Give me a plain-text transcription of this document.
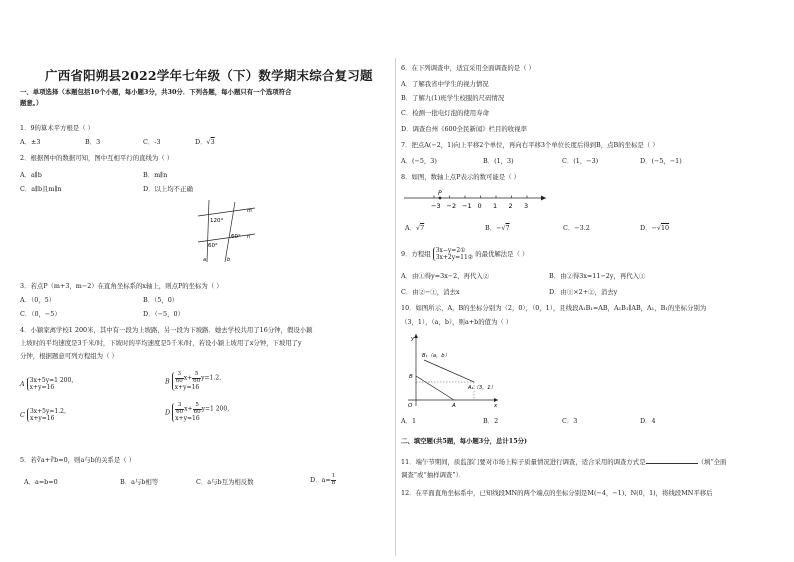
广西省阳朔县2022学年七年级（下）数学期末综合复习题
一、单项选择（本题包括10个小题，每小题3分，共30分．下列各题，每小题只有一个选项符合
题意。）
1．9的算术平方根是（ ）
A．±3	B．3	C．-3	D．√3
2．根据图中的数据可知，图中互相平行的直线为（ ）
A．a∥b	B．m∥n
C．a∥b且m∥n	D．以上均不正确
120°
60°
60°
m
n
a	b
3．若点P（m+3，m−2）在直角坐标系的x轴上，则点P的坐标为（ ）
A．（0，5）	B．（5，0）
C．（0，−5）	D．（−5，0）
4．小颖家离学校1 200米，其中有一段为上坡路，另一段为下坡路．她去学校共用了16分钟，假设小颖
上坡时的平均速度是3千米/时，下坡时的平均速度是5千米/时，若设小颖上坡用了x分钟，下坡用了y
分钟，根据题意可列方程组为（ ）
A 3x+5y=1 200，
x+y=16
B $\frac{3}{60} x+ \frac{5}{60} y=1.2$，
x+y=16
C 3x+5y=1.2，
x+y=16
D $\frac{3}{60} x+ \frac{5}{60} y=1$ 200，
x+y=16
5．若∛a+∛b=0，则a与b的关系是（ ）
A．a=b=0	B．a与b相等	C．a与b互为相反数	D．$a= \frac{1}{b}$
6．在下列调查中，适宜采用全面调查的是（ ）
A．了解我省中学生的视力情况
B．了解九(1)班学生校服的尺码情况
C．检测一批电灯泡的使用寿命
D．调查台州《600全民新闻》栏目的收视率
7．把点A(−2，1)向上平移2个单位，再向右平移3个单位长度后得到B，点B的坐标是（ ）
A．(−5，3)	B．(1，3)	C．(1，−3)	D．(−5，−1)
8．如图，数轴上点P表示的数可能是（ ）
−3 −2 −1 0 1 2 3
P
A．√7	B．−√7	C．−3.2	D．−√10
9．方程组 3x−y=2①
3x+2y=11② 的最优解法是（ ）
A．由①得y=3x−2，再代入②	B．由②得3x=11−2y，再代入①
C．由②−①，消去x	D．由①×2+②，消去y
10．如图所示，A，B的坐标分别为（2，0），（0，1），且线段A₁B₁=AB，A₁B₁∥AB，A₁，B₁的坐标分别为
（3，1），（a，b），则a+b的值为（ ）
y
x
O	A
B
B₁（a，b）
A₁（3，1）
A．1	B．2	C．3	D．4
二、填空题(共5题，每小题3分，总计15分)
11．端午节期间，质监部门要对市场上粽子质量情况进行调查，适合采用的调查方式是	（填“全面
调查”或“抽样调查”）．
12．在平面直角坐标系中，已知线段MN的两个端点的坐标分别是M(−4，−1)、N(0，1)，将线段MN平移后
